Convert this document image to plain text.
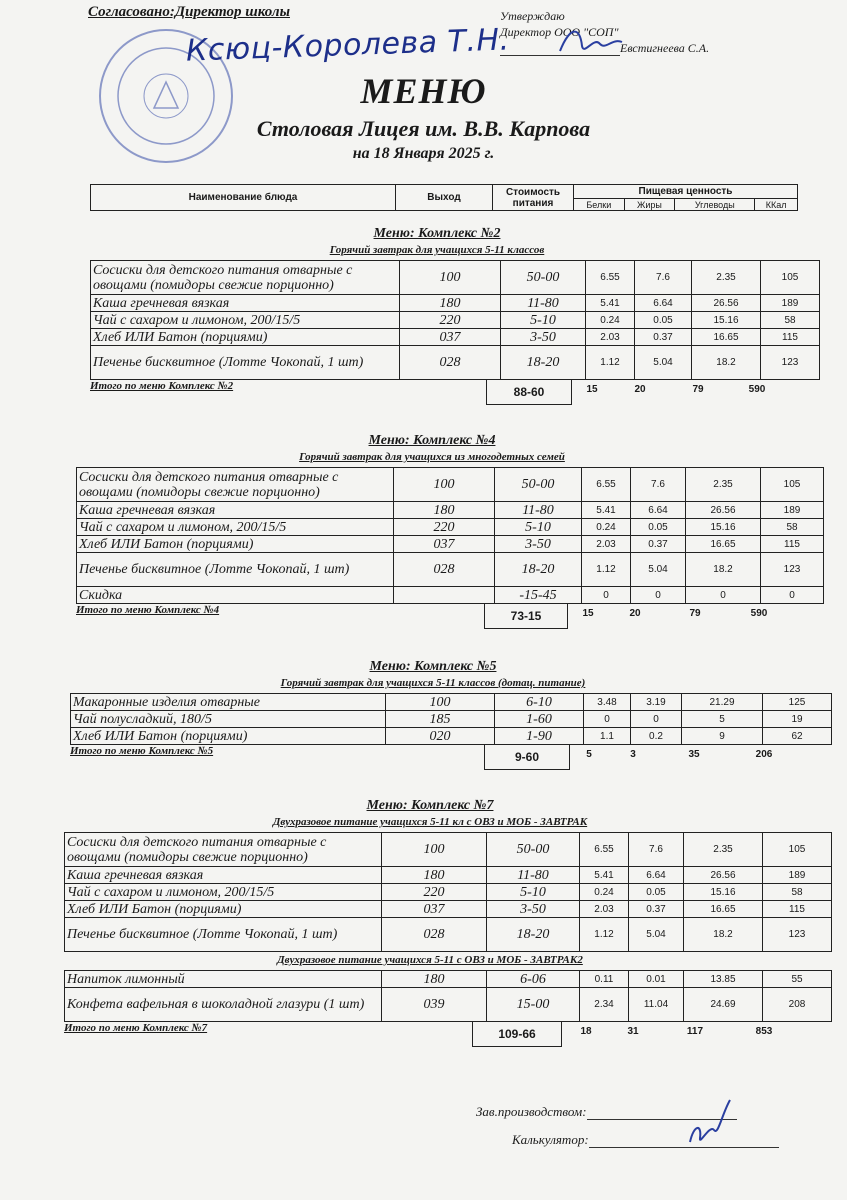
Согласовано:Директор школы
Ксюц-Королева Т.Н.
Утверждаю
Директор ООО "СОП"
Евстигнеева С.А.
МЕНЮ
Столовая Лицея им. В.В. Карпова
на 18 Января 2025 г.
Наименование блюда	Выход	Стоимость питания	Пищевая ценность			
			Белки	Жиры	Углеводы	ККал
Меню: Комплекс №2
Горячий завтрак для учащихся 5-11 классов
Сосиски для детского питания отварные с овощами (помидоры свежие порционно)	100	50-00	6.55	7.6	2.35	105
Каша гречневая вязкая	180	11-80	5.41	6.64	26.56	189
Чай с сахаром и лимоном, 200/15/5	220	5-10	0.24	0.05	15.16	58
Хлеб ИЛИ Батон (порциями)	037	3-50	2.03	0.37	16.65	115
Печенье бисквитное (Лотте Чокопай, 1 шт)	028	18-20	1.12	5.04	18.2	123
Итого по меню Комплекс №2	88-60	15	20	79	590
Меню: Комплекс №4
Горячий завтрак для учащихся из многодетных семей
Сосиски для детского питания отварные с овощами (помидоры свежие порционно)	100	50-00	6.55	7.6	2.35	105
Каша гречневая вязкая	180	11-80	5.41	6.64	26.56	189
Чай с сахаром и лимоном, 200/15/5	220	5-10	0.24	0.05	15.16	58
Хлеб ИЛИ Батон (порциями)	037	3-50	2.03	0.37	16.65	115
Печенье бисквитное (Лотте Чокопай, 1 шт)	028	18-20	1.12	5.04	18.2	123
Скидка		-15-45	0	0	0	0
Итого по меню Комплекс №4	73-15	15	20	79	590
Меню: Комплекс №5
Горячий завтрак для учащихся 5-11 классов (дотац. питание)
Макаронные изделия отварные	100	6-10	3.48	3.19	21.29	125
Чай полусладкий, 180/5	185	1-60	0	0	5	19
Хлеб ИЛИ Батон (порциями)	020	1-90	1.1	0.2	9	62
Итого по меню Комплекс №5	9-60	5	3	35	206
Меню: Комплекс №7
Двухразовое питание учащихся 5-11 кл с ОВЗ и МОБ - ЗАВТРАК
Сосиски для детского питания отварные с овощами (помидоры свежие порционно)	100	50-00	6.55	7.6	2.35	105
Каша гречневая вязкая	180	11-80	5.41	6.64	26.56	189
Чай с сахаром и лимоном, 200/15/5	220	5-10	0.24	0.05	15.16	58
Хлеб ИЛИ Батон (порциями)	037	3-50	2.03	0.37	16.65	115
Печенье бисквитное (Лотте Чокопай, 1 шт)	028	18-20	1.12	5.04	18.2	123
Двухразовое питание учащихся 5-11 с ОВЗ и МОБ - ЗАВТРАК2
Напиток лимонный	180	6-06	0.11	0.01	13.85	55
Конфета вафельная в шоколадной глазури (1 шт)	039	15-00	2.34	11.04	24.69	208
Итого по меню Комплекс №7	109-66	18	31	117	853
Зав.производством:
Калькулятор:
